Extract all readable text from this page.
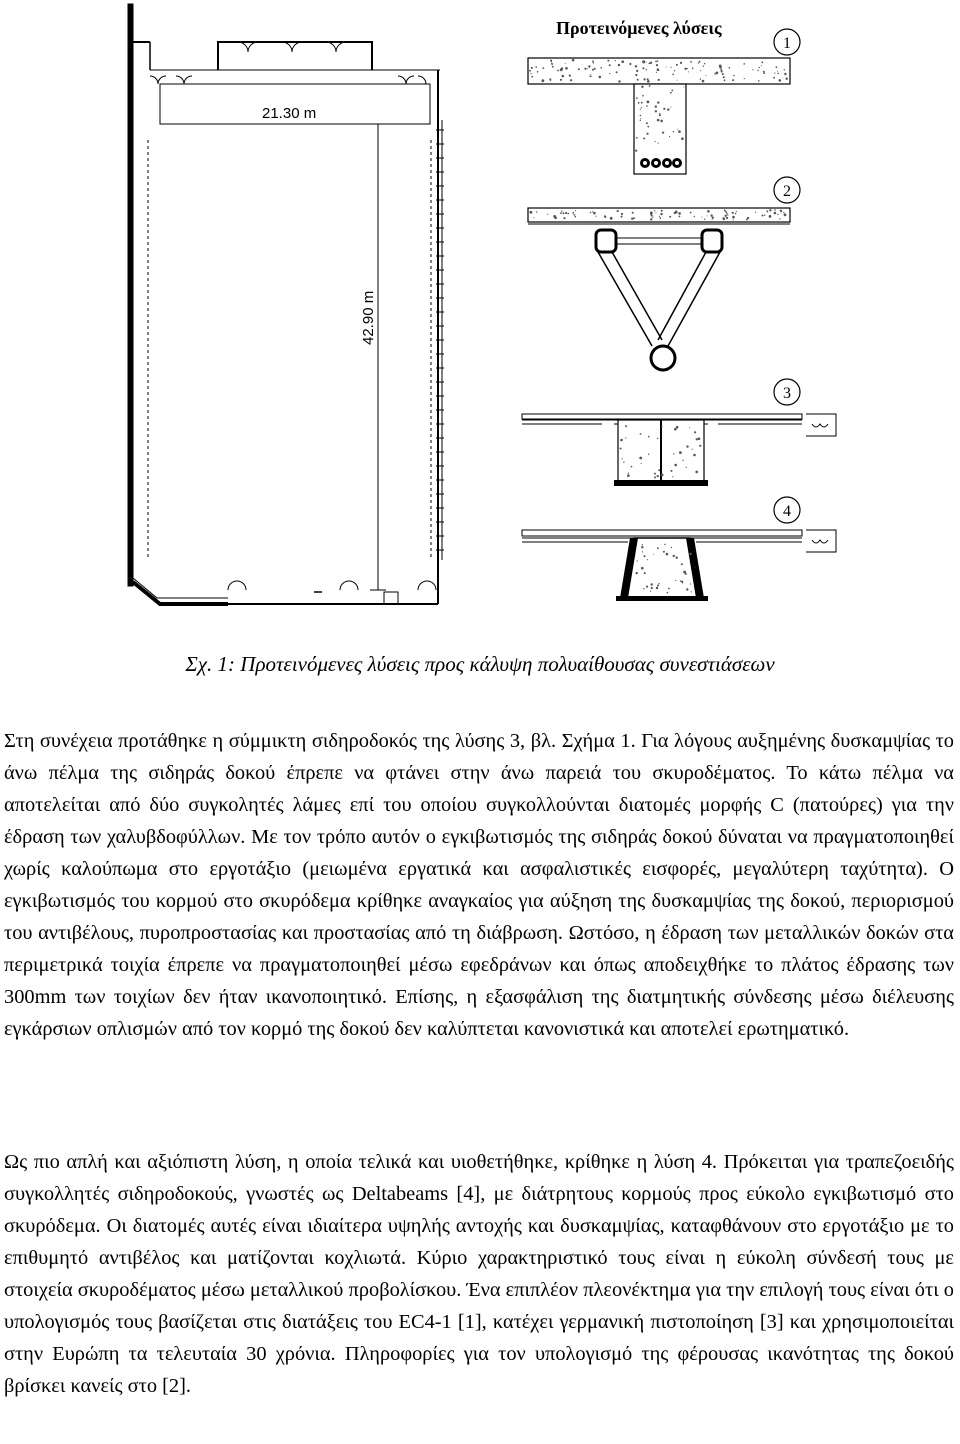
21.30 m
42.90 m
Προτεινόμενες λύσεις
1
2
3
4
Σχ. 1: Προτεινόμενες λύσεις προς κάλυψη πολυαίθουσας συνεστιάσεων

Στη συνέχεια προτάθηκε η σύμμικτη σιδηροδοκός της λύσης 3, βλ. Σχήμα 1. Για λόγους αυξημένης δυσκαμψίας το άνω πέλμα της σιδηράς δοκού έπρεπε να φτάνει στην άνω παρειά του σκυροδέματος. Το κάτω πέλμα να αποτελείται από δύο συγκολητές λάμες επί του οποίου συγκολλούνται διατομές μορφής C (πατούρες) για την έδραση των χαλυβδοφύλλων. Με τον τρόπο αυτόν ο εγκιβωτισμός της σιδηράς δοκού δύναται να πραγματοποιηθεί χωρίς καλούπωμα στο εργοτάξιο (μειωμένα εργατικά και ασφαλιστικές εισφορές, μεγαλύτερη ταχύτητα). Ο εγκιβωτισμός του κορμού στο σκυρόδεμα κρίθηκε αναγκαίος για αύξηση της δυσκαμψίας της δοκού, περιορισμού του αντιβέλους, πυροπροστασίας και προστασίας από τη διάβρωση. Ωστόσο, η έδραση των μεταλλικών δοκών στα περιμετρικά τοιχία έπρεπε να πραγματοποιηθεί μέσω εφεδράνων και όπως αποδειχθήκε το πλάτος έδρασης των 300mm των τοιχίων δεν ήταν ικανοποιητικό. Επίσης, η εξασφάλιση της διατμητικής σύνδεσης μέσω διέλευσης εγκάρσιων οπλισμών από τον κορμό της δοκού δεν καλύπτεται κανονιστικά και αποτελεί ερωτηματικό.

Ως πιο απλή και αξιόπιστη λύση, η οποία τελικά και υιοθετήθηκε, κρίθηκε η λύση 4. Πρόκειται για τραπεζοειδής συγκολλητές σιδηροδοκούς, γνωστές ως Deltabeams [4], με διάτρητους κορμούς προς εύκολο εγκιβωτισμό στο σκυρόδεμα. Οι διατομές αυτές είναι ιδιαίτερα υψηλής αντοχής και δυσκαμψίας, καταφθάνουν στο εργοτάξιο με το επιθυμητό αντιβέλος και ματίζονται κοχλιωτά. Κύριο χαρακτηριστικό τους είναι η εύκολη σύνδεσή τους με στοιχεία σκυροδέματος μέσω μεταλλικού προβολίσκου. Ένα επιπλέον πλεονέκτημα για την επιλογή τους είναι ότι ο υπολογισμός τους βασίζεται στις διατάξεις του EC4-1 [1], κατέχει γερμανική πιστοποίηση [3] και χρησιμοποιείται στην Ευρώπη τα τελευταία 30 χρόνια. Πληροφορίες για τον υπολογισμό της φέρουσας ικανότητας της δοκού βρίσκει κανείς στο [2].
